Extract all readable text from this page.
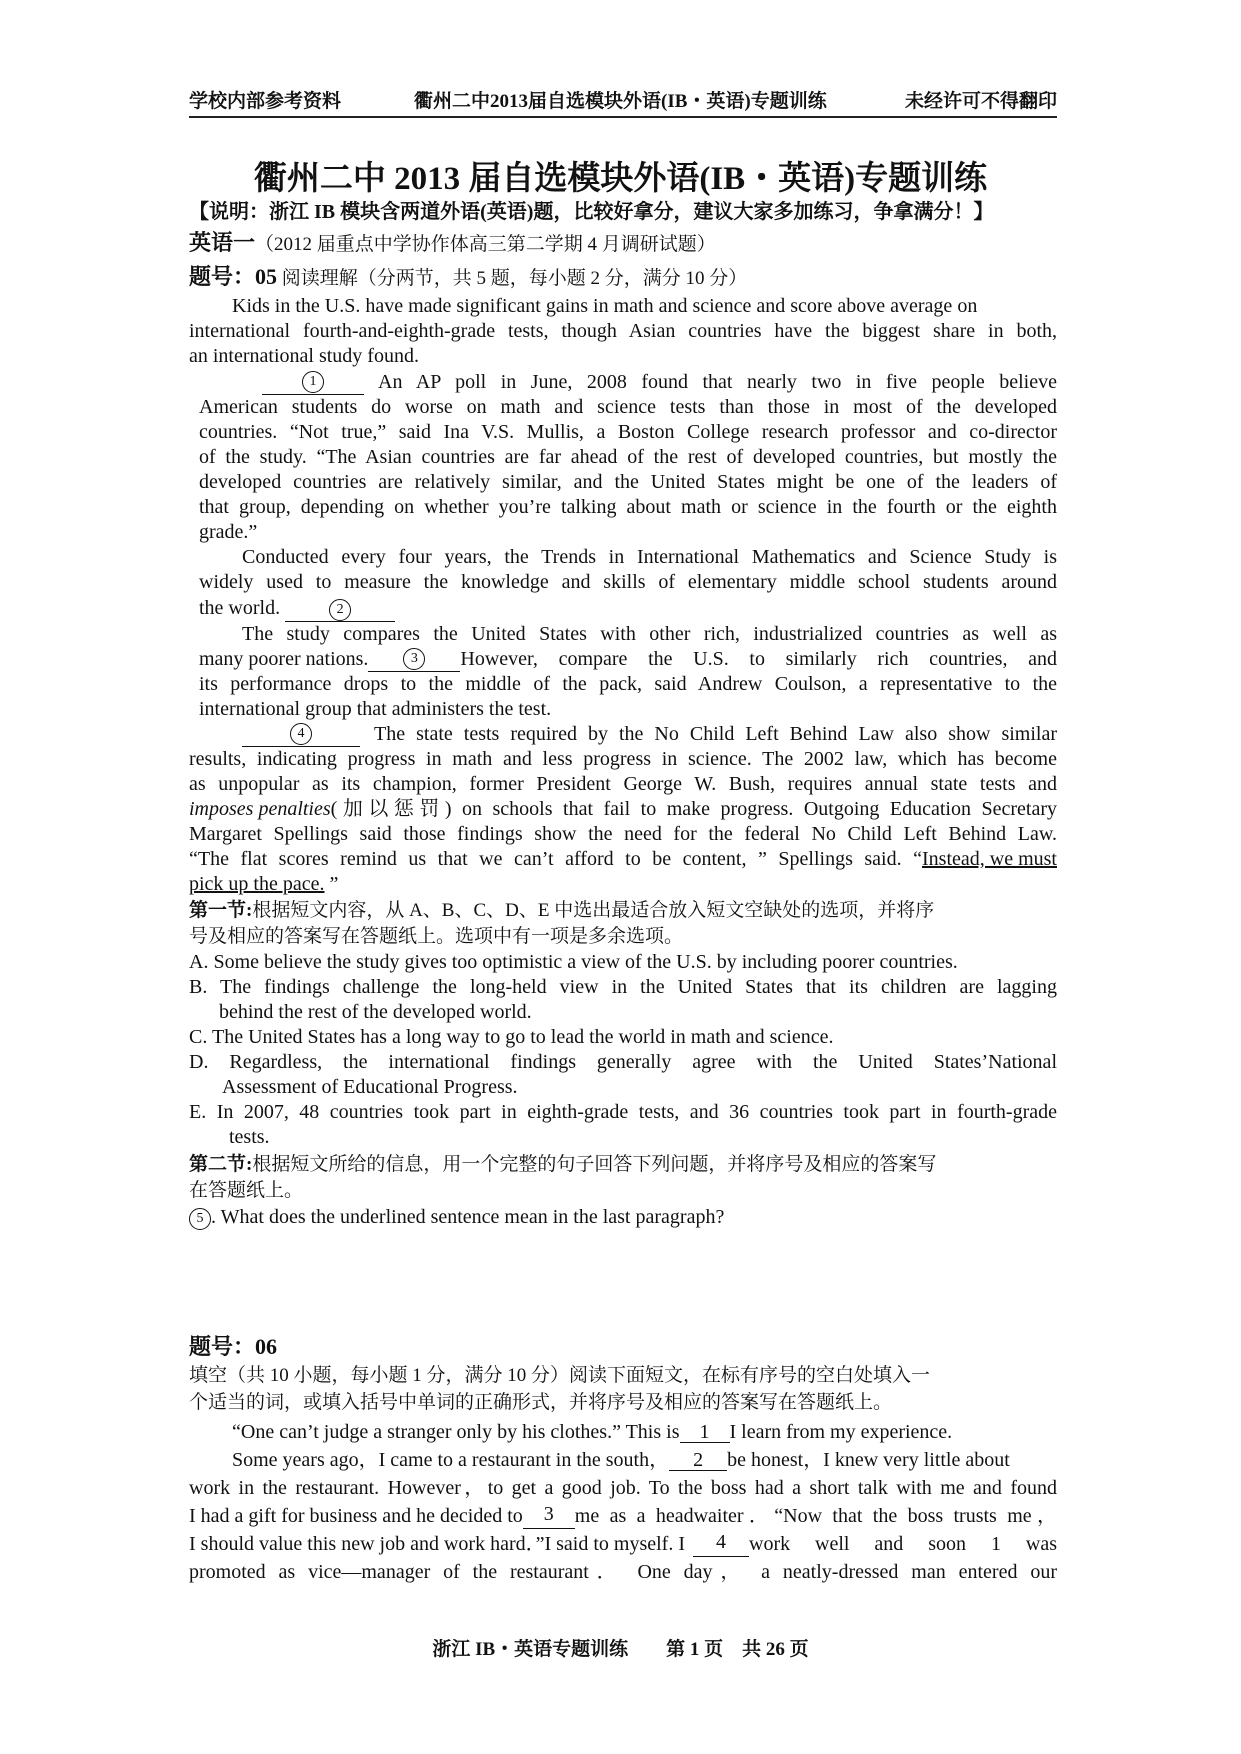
学校内部参考资料	衢州二中2013届自选模块外语(IB・英语)专题训练	未经许可不得翻印
衢州二中 2013 届自选模块外语(IB・英语)专题训练
【说明：浙江 IB 模块含两道外语(英语)题，比较好拿分，建议大家多加练习，争拿满分！】
英语一（2012 届重点中学协作体高三第二学期 4 月调研试题）
题号：05 阅读理解（分两节，共 5 题，每小题 2 分，满分 10 分）
Kids in the U.S. have made significant gains in math and science and score above average on
international fourth-and-eighth-grade tests, though Asian countries have the biggest share in both,
an international study found.
1	An AP poll in June, 2008 found that nearly two in five people believe
American students do worse on math and science tests than those in most of the developed
countries. “Not true,” said Ina V.S. Mullis, a Boston College research professor and co-director
of the study. “The Asian countries are far ahead of the rest of developed countries, but mostly the
developed countries are relatively similar, and the United States might be one of the leaders of
that group, depending on whether you’re talking about math or science in the fourth or the eighth
grade.”
Conducted every four years, the Trends in International Mathematics and Science Study is
widely used to measure the knowledge and skills of elementary middle school students around
the world.	2
The study compares the United States with other rich, industrialized countries as well as
many poorer nations.	3	However, compare the U.S. to similarly rich countries, and
its performance drops to the middle of the pack, said Andrew Coulson, a representative to the
international group that administers the test.
4	The state tests required by the No Child Left Behind Law also show similar
results, indicating progress in math and less progress in science. The 2002 law, which has become
as unpopular as its champion, former President George W. Bush, requires annual state tests and
imposes penalties (加以惩罚) on schools that fail to make progress. Outgoing Education Secretary
Margaret Spellings said those findings show the need for the federal No Child Left Behind Law.
“The flat scores remind us that we can’t afford to be content, ” Spellings said. “ Instead, we must
pick up the pace. ”
第一节:根据短文内容，从 A、B、C、D、E 中选出最适合放入短文空缺处的选项，并将序
号及相应的答案写在答题纸上。选项中有一项是多余选项。
A. Some believe the study gives too optimistic a view of the U.S. by including poorer countries.
B. The findings challenge the long-held view in the United States that its children are lagging
behind the rest of the developed world.
C. The United States has a long way to go to lead the world in math and science.
D. Regardless, the international findings generally agree with the United States’National
Assessment of Educational Progress.
E. In 2007, 48 countries took part in eighth-grade tests, and 36 countries took part in fourth-grade
tests.
第二节:根据短文所给的信息，用一个完整的句子回答下列问题，并将序号及相应的答案写
在答题纸上。
5 . What does the underlined sentence mean in the last paragraph?
题号：06
填空（共 10 小题，每小题 1 分，满分 10 分）阅读下面短文，在标有序号的空白处填入一
个适当的词，或填入括号中单词的正确形式，并将序号及相应的答案写在答题纸上。
“One can’t judge a stranger only by his clothes.” This is 1 I learn from my experience.
Some years ago，I came to a restaurant in the south， 2 be honest，I knew very little about
work in the restaurant. However，to get a good job. To the boss had a short talk with me and found
I had a gift for business and he decided to	3	me as a headwaiter．“Now that the boss trusts me，
I should value this new job and work hard．”I said to myself. I	4	work well and soon 1 was
promoted as vice—manager of the restaurant． One day， a neatly-dressed man entered our
浙江 IB・英语专题训练　　第 1 页　共 26 页
